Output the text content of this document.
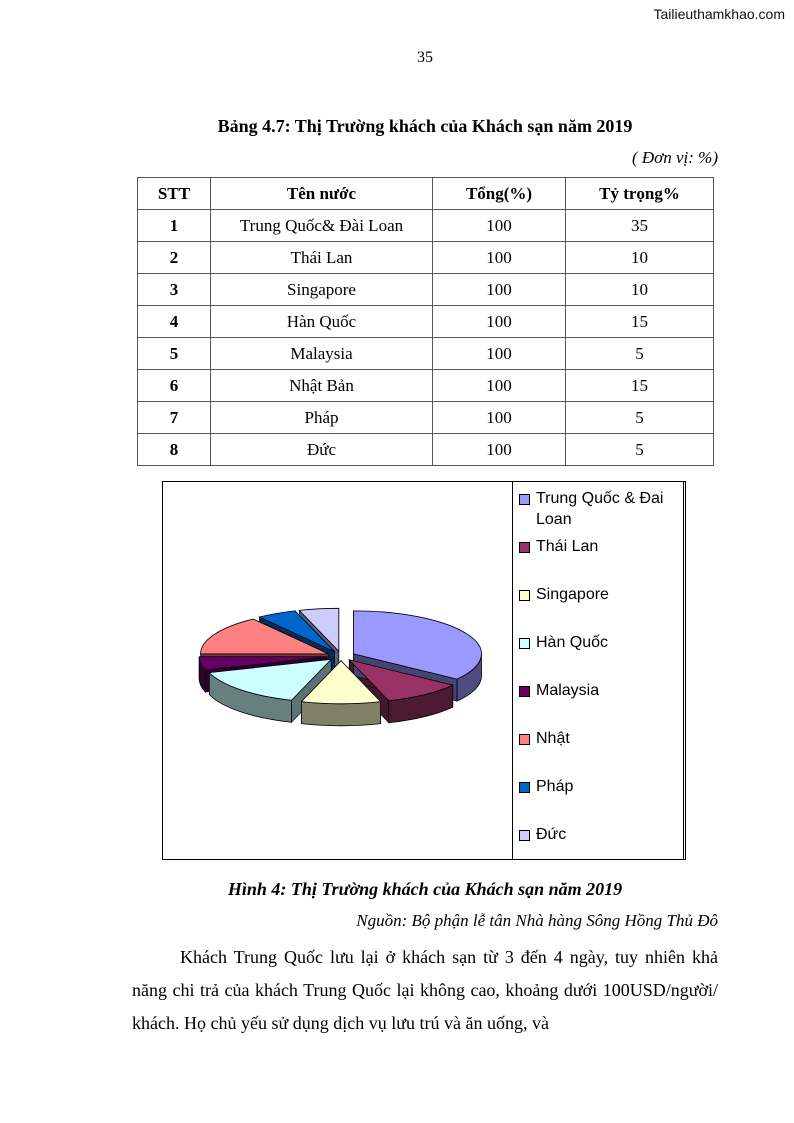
Tailieuthamkhao.com
35
Bảng 4.7: Thị Trường khách của Khách sạn năm 2019
( Đơn vị: %)
STT	Tên nước	Tổng(%)	Tỷ trọng%
1	Trung Quốc& Đài Loan	100	35
2	Thái Lan	100	10
3	Singapore	100	10
4	Hàn Quốc	100	15
5	Malaysia	100	5
6	Nhật Bản	100	15
7	Pháp	100	5
8	Đức	100	5
Trung Quốc & Đai Loan
Thái Lan
Singapore
Hàn Quốc
Malaysia
Nhật
Pháp
Đức
Hình 4: Thị Trường khách của Khách sạn năm 2019
Nguồn: Bộ phận lễ tân Nhà hàng Sông Hồng Thủ Đô
Khách Trung Quốc lưu lại ở khách sạn từ 3 đến 4 ngày, tuy nhiên khả năng chi trả của khách Trung Quốc lại không cao, khoảng dưới 100USD/người/ khách. Họ chủ yếu sử dụng dịch vụ lưu trú và ăn uống, và
